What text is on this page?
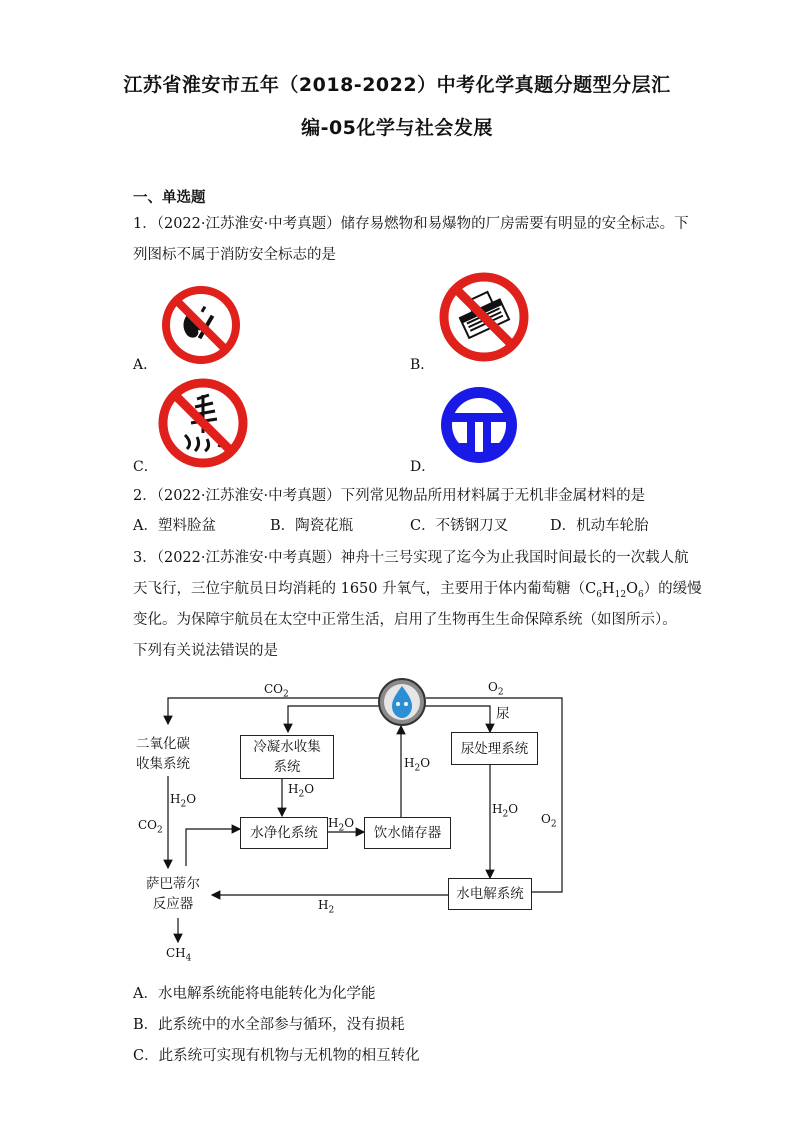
江苏省淮安市五年（2018-2022）中考化学真题分题型分层汇
编-05化学与社会发展
一、单选题
1．（2022·江苏淮安·中考真题）储存易燃物和易爆物的厂房需要有明显的安全标志。下
列图标不属于消防安全标志的是
A．	B．
C．	D．
2．（2022·江苏淮安·中考真题）下列常见物品所用材料属于无机非金属材料的是
A．塑料脸盆	B．陶瓷花瓶	C．不锈钢刀叉	D．机动车轮胎
3．（2022·江苏淮安·中考真题）神舟十三号实现了迄今为止我国时间最长的一次载人航
天飞行，三位宇航员日均消耗的 1650 升氧气，主要用于体内葡萄糖$(C_6H_{12}O_6)$的缓慢
变化。为保障宇航员在太空中正常生活，启用了生物再生生命保障系统（如图所示）。
下列有关说法错误的是
$CO_2$
$O_2$
尿
二氧化碳
收集系统
冷凝水收集
系统
尿处理系统
$H_2O$
$H_2O$
$H_2O$
$H_2O$
$H_2O$
$CO_2$
$O_2$
水净化系统	饮水储存器
水电解系统
萨巴蒂尔
反应器	$H_2$
$CH_4$
A．水电解系统能将电能转化为化学能
B．此系统中的水全部参与循环，没有损耗
C．此系统可实现有机物与无机物的相互转化
